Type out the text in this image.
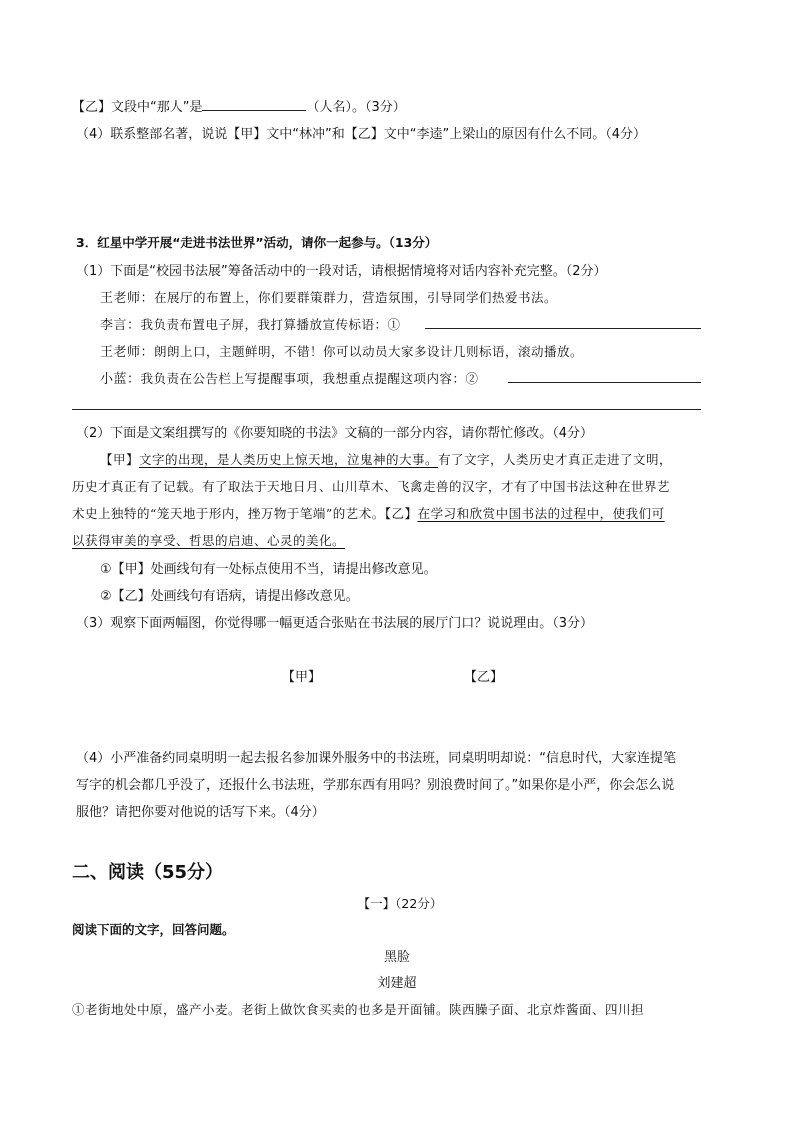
【乙】文段中“那人”是	（人名）。（3分）
（4）联系整部名著，说说【甲】文中“林冲”和【乙】文中“李逵”上梁山的原因有什么不同。（4分）
3．红星中学开展“走进书法世界”活动，请你一起参与。（13分）
（1）下面是“校园书法展”筹备活动中的一段对话，请根据情境将对话内容补充完整。（2分）
王老师：在展厅的布置上，你们要群策群力，营造氛围，引导同学们热爱书法。
李言：我负责布置电子屏，我打算播放宣传标语：①
王老师：朗朗上口，主题鲜明，不错！你可以动员大家多设计几则标语，滚动播放。
小蓝：我负责在公告栏上写提醒事项，我想重点提醒这项内容：②
（2）下面是文案组撰写的《你要知晓的书法》文稿的一部分内容，请你帮忙修改。（4分）
【甲】文字的出现，是人类历史上惊天地，泣鬼神的大事。有了文字，人类历史才真正走进了文明，
历史才真正有了记载。有了取法于天地日月、山川草木、飞禽走兽的汉字，才有了中国书法这种在世界艺
术史上独特的“笼天地于形内，挫万物于笔端”的艺术。【乙】在学习和欣赏中国书法的过程中，使我们可
以获得审美的享受、哲思的启迪、心灵的美化。
①【甲】处画线句有一处标点使用不当，请提出修改意见。
②【乙】处画线句有语病，请提出修改意见。
（3）观察下面两幅图，你觉得哪一幅更适合张贴在书法展的展厅门口？说说理由。（3分）
【甲】	【乙】
（4）小严准备约同桌明明一起去报名参加课外服务中的书法班，同桌明明却说：“信息时代，大家连提笔
写字的机会都几乎没了，还报什么书法班，学那东西有用吗？别浪费时间了。”如果你是小严，你会怎么说
服他？请把你要对他说的话写下来。（4分）
二、阅读（55分）
【一】（22分）
阅读下面的文字，回答问题。
黑脸
刘建超
①老街地处中原，盛产小麦。老街上做饮食买卖的也多是开面铺。陕西臊子面、北京炸酱面、四川担
